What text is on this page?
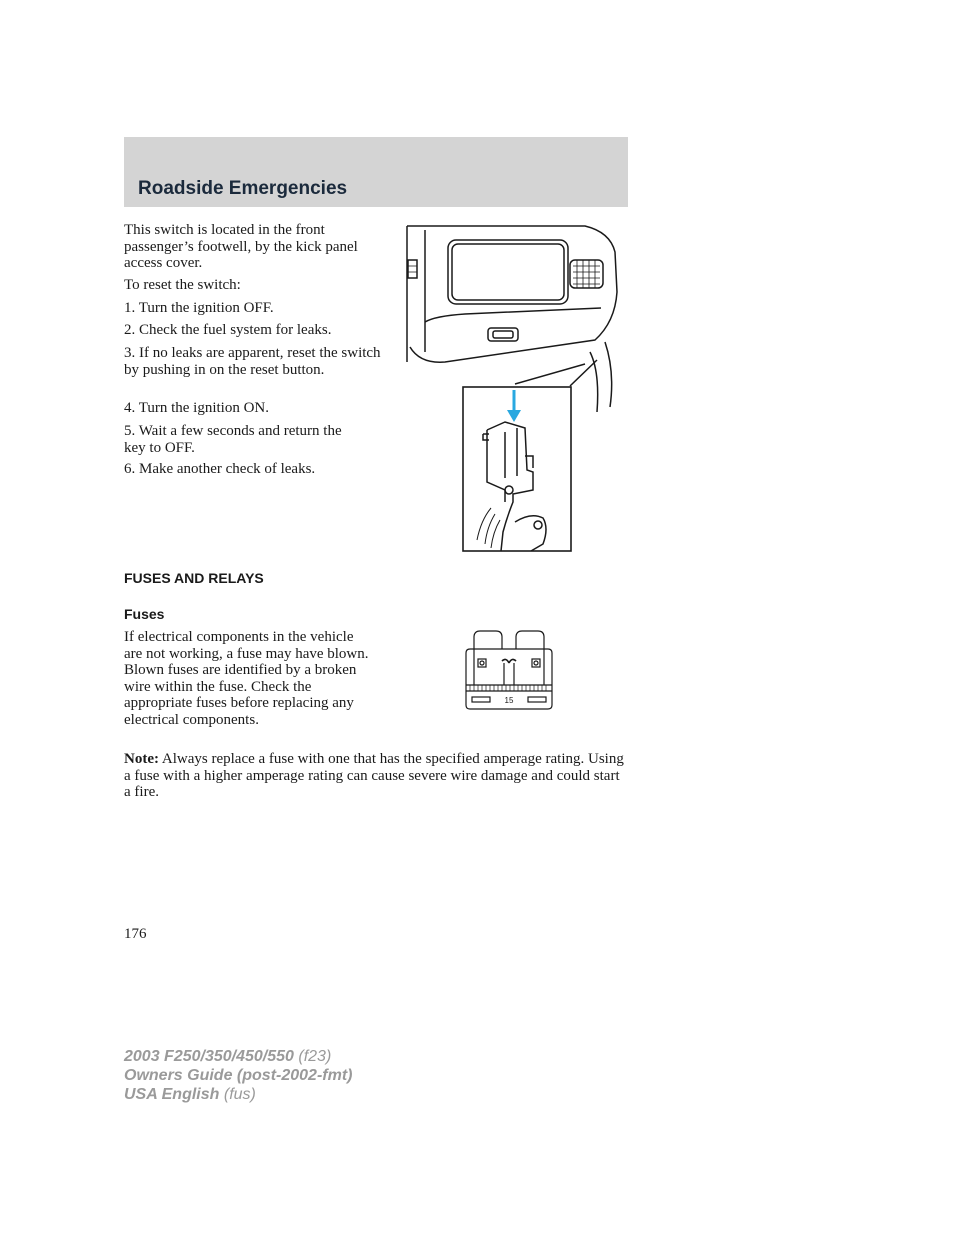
Roadside Emergencies

This switch is located in the front passenger’s footwell, by the kick panel access cover.

To reset the switch:

1. Turn the ignition OFF.

2. Check the fuel system for leaks.

3. If no leaks are apparent, reset the switch by pushing in on the reset button.

4. Turn the ignition ON.

5. Wait a few seconds and return the key to OFF.

6. Make another check of leaks.

FUSES AND RELAYS
Fuses

If electrical components in the vehicle are not working, a fuse may have blown. Blown fuses are identified by a broken wire within the fuse. Check the appropriate fuses before replacing any electrical components.

15

Note: Always replace a fuse with one that has the specified amperage rating. Using a fuse with a higher amperage rating can cause severe wire damage and could start a fire.

176
2003 F250/350/450/550 (f23)
Owners Guide (post-2002-fmt)
USA English (fus)
